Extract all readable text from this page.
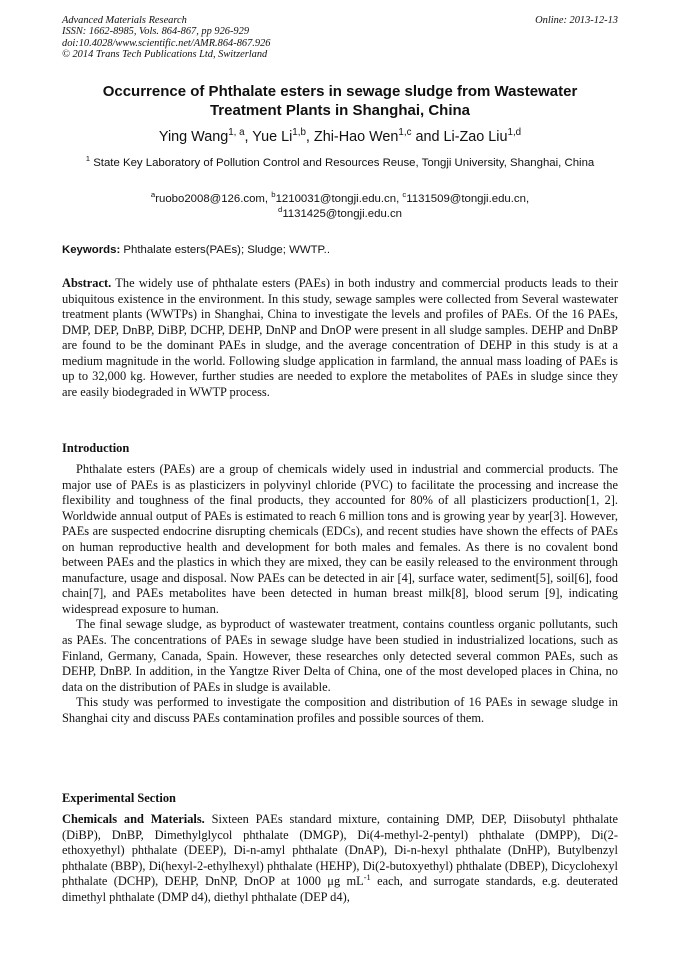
Advanced Materials Research
ISSN: 1662-8985, Vols. 864-867, pp 926-929
doi:10.4028/www.scientific.net/AMR.864-867.926
© 2014 Trans Tech Publications Ltd, Switzerland
Online: 2013-12-13
Occurrence of Phthalate esters in sewage sludge from Wastewater
Treatment Plants in Shanghai, China
Ying Wang$^{1, a}$, Yue Li$^{1,b}$, Zhi-Hao Wen$^{1,c}$ and Li-Zao Liu$^{1,d}$
$^1$ State Key Laboratory of Pollution Control and Resources Reuse, Tongji University, Shanghai, China
$^a$ruobo2008@126.com, $^b$1210031@tongji.edu.cn, $^c$1131509@tongji.edu.cn,
$^d$1131425@tongji.edu.cn
Keywords: Phthalate esters(PAEs); Sludge; WWTP..
Abstract. The widely use of phthalate esters (PAEs) in both industry and commercial products leads to their ubiquitous existence in the environment. In this study, sewage samples were collected from Several wastewater treatment plants (WWTPs) in Shanghai, China to investigate the levels and profiles of PAEs. Of the 16 PAEs, DMP, DEP, DnBP, DiBP, DCHP, DEHP, DnNP and DnOP were present in all sludge samples. DEHP and DnBP are found to be the dominant PAEs in sludge, and the average concentration of DEHP in this study is at a medium magnitude in the world. Following sludge application in farmland, the annual mass loading of PAEs is up to 32,000 kg. However, further studies are needed to explore the metabolites of PAEs in sludge since they are easily biodegraded in WWTP process.
Introduction

Phthalate esters (PAEs) are a group of chemicals widely used in industrial and commercial products. The major use of PAEs is as plasticizers in polyvinyl chloride (PVC) to facilitate the processing and increase the flexibility and toughness of the final products, they accounted for 80% of all plasticizers production[1, 2]. Worldwide annual output of PAEs is estimated to reach 6 million tons and is growing year by year[3]. However, PAEs are suspected endocrine disrupting chemicals (EDCs), and recent studies have shown the effects of PAEs on human reproductive health and development for both males and females. As there is no covalent bond between PAEs and the plastics in which they are mixed, they can be easily released to the environment through manufacture, usage and disposal. Now PAEs can be detected in air [4], surface water, sediment[5], soil[6], food chain[7], and PAEs metabolites have been detected in human breast milk[8], blood serum [9], indicating widespread exposure to human.

The final sewage sludge, as byproduct of wastewater treatment, contains countless organic pollutants, such as PAEs. The concentrations of PAEs in sewage sludge have been studied in industrialized locations, such as Finland, Germany, Canada, Spain. However, these researches only detected several common PAEs, such as DEHP, DnBP. In addition, in the Yangtze River Delta of China, one of the most developed places in China, no data on the distribution of PAEs in sludge is available.

This study was performed to investigate the composition and distribution of 16 PAEs in sewage sludge in Shanghai city and discuss PAEs contamination profiles and possible sources of them.

Experimental Section
Chemicals and Materials. Sixteen PAEs standard mixture, containing DMP, DEP, Diisobutyl phthalate (DiBP), DnBP, Dimethylglycol phthalate (DMGP), Di(4-methyl-2-pentyl) phthalate (DMPP), Di(2-ethoxyethyl) phthalate (DEEP), Di-n-amyl phthalate (DnAP), Di-n-hexyl phthalate (DnHP), Butylbenzyl phthalate (BBP), Di(hexyl-2-ethylhexyl) phthalate (HEHP), Di(2-butoxyethyl) phthalate (DBEP), Dicyclohexyl phthalate (DCHP), DEHP, DnNP, DnOP at 1000 μg $mL^{-1}$ each, and surrogate standards, e.g. deuterated dimethyl phthalate (DMP d4), diethyl phthalate (DEP d4),
